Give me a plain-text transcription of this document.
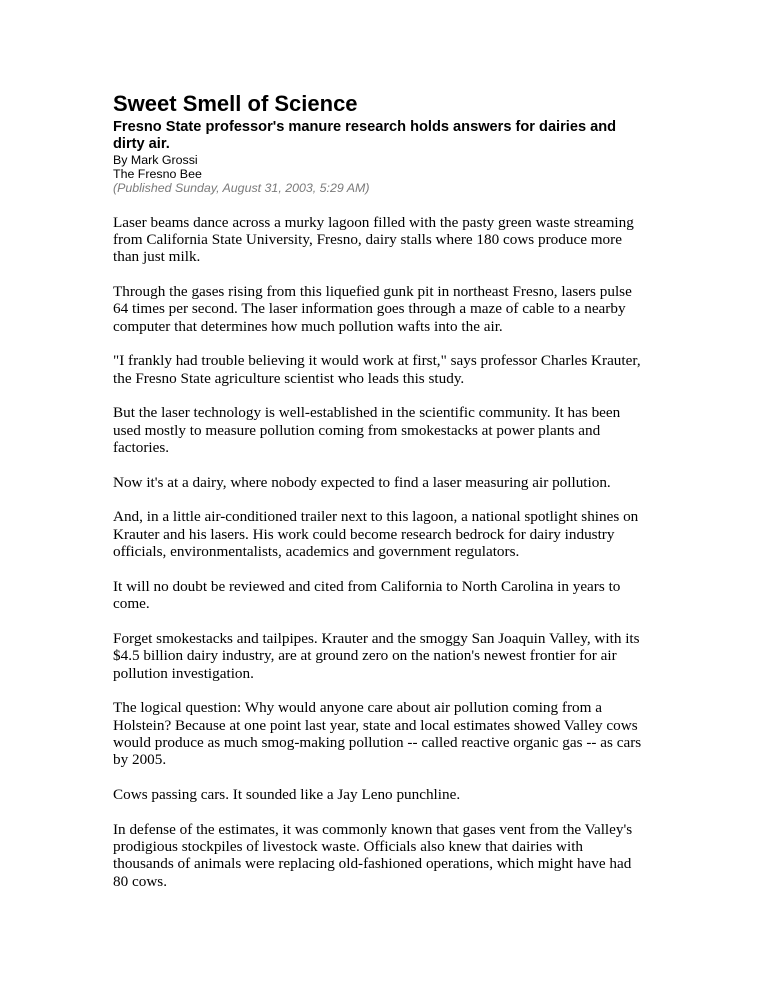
Sweet Smell of Science
Fresno State professor's manure research holds answers for dairies and dirty air.
By Mark Grossi
The Fresno Bee
(Published Sunday, August 31, 2003, 5:29 AM)

Laser beams dance across a murky lagoon filled with the pasty green waste streaming from California State University, Fresno, dairy stalls where 180 cows produce more than just milk.

Through the gases rising from this liquefied gunk pit in northeast Fresno, lasers pulse 64 times per second. The laser information goes through a maze of cable to a nearby computer that determines how much pollution wafts into the air.

"I frankly had trouble believing it would work at first," says professor Charles Krauter, the Fresno State agriculture scientist who leads this study.

But the laser technology is well-established in the scientific community. It has been used mostly to measure pollution coming from smokestacks at power plants and factories.

Now it's at a dairy, where nobody expected to find a laser measuring air pollution.

And, in a little air-conditioned trailer next to this lagoon, a national spotlight shines on Krauter and his lasers. His work could become research bedrock for dairy industry officials, environmentalists, academics and government regulators.

It will no doubt be reviewed and cited from California to North Carolina in years to come.

Forget smokestacks and tailpipes. Krauter and the smoggy San Joaquin Valley, with its $4.5 billion dairy industry, are at ground zero on the nation's newest frontier for air pollution investigation.

The logical question: Why would anyone care about air pollution coming from a Holstein? Because at one point last year, state and local estimates showed Valley cows would produce as much smog-making pollution -- called reactive organic gas -- as cars by 2005.

Cows passing cars. It sounded like a Jay Leno punchline.

In defense of the estimates, it was commonly known that gases vent from the Valley's prodigious stockpiles of livestock waste. Officials also knew that dairies with thousands of animals were replacing old-fashioned operations, which might have had 80 cows.
